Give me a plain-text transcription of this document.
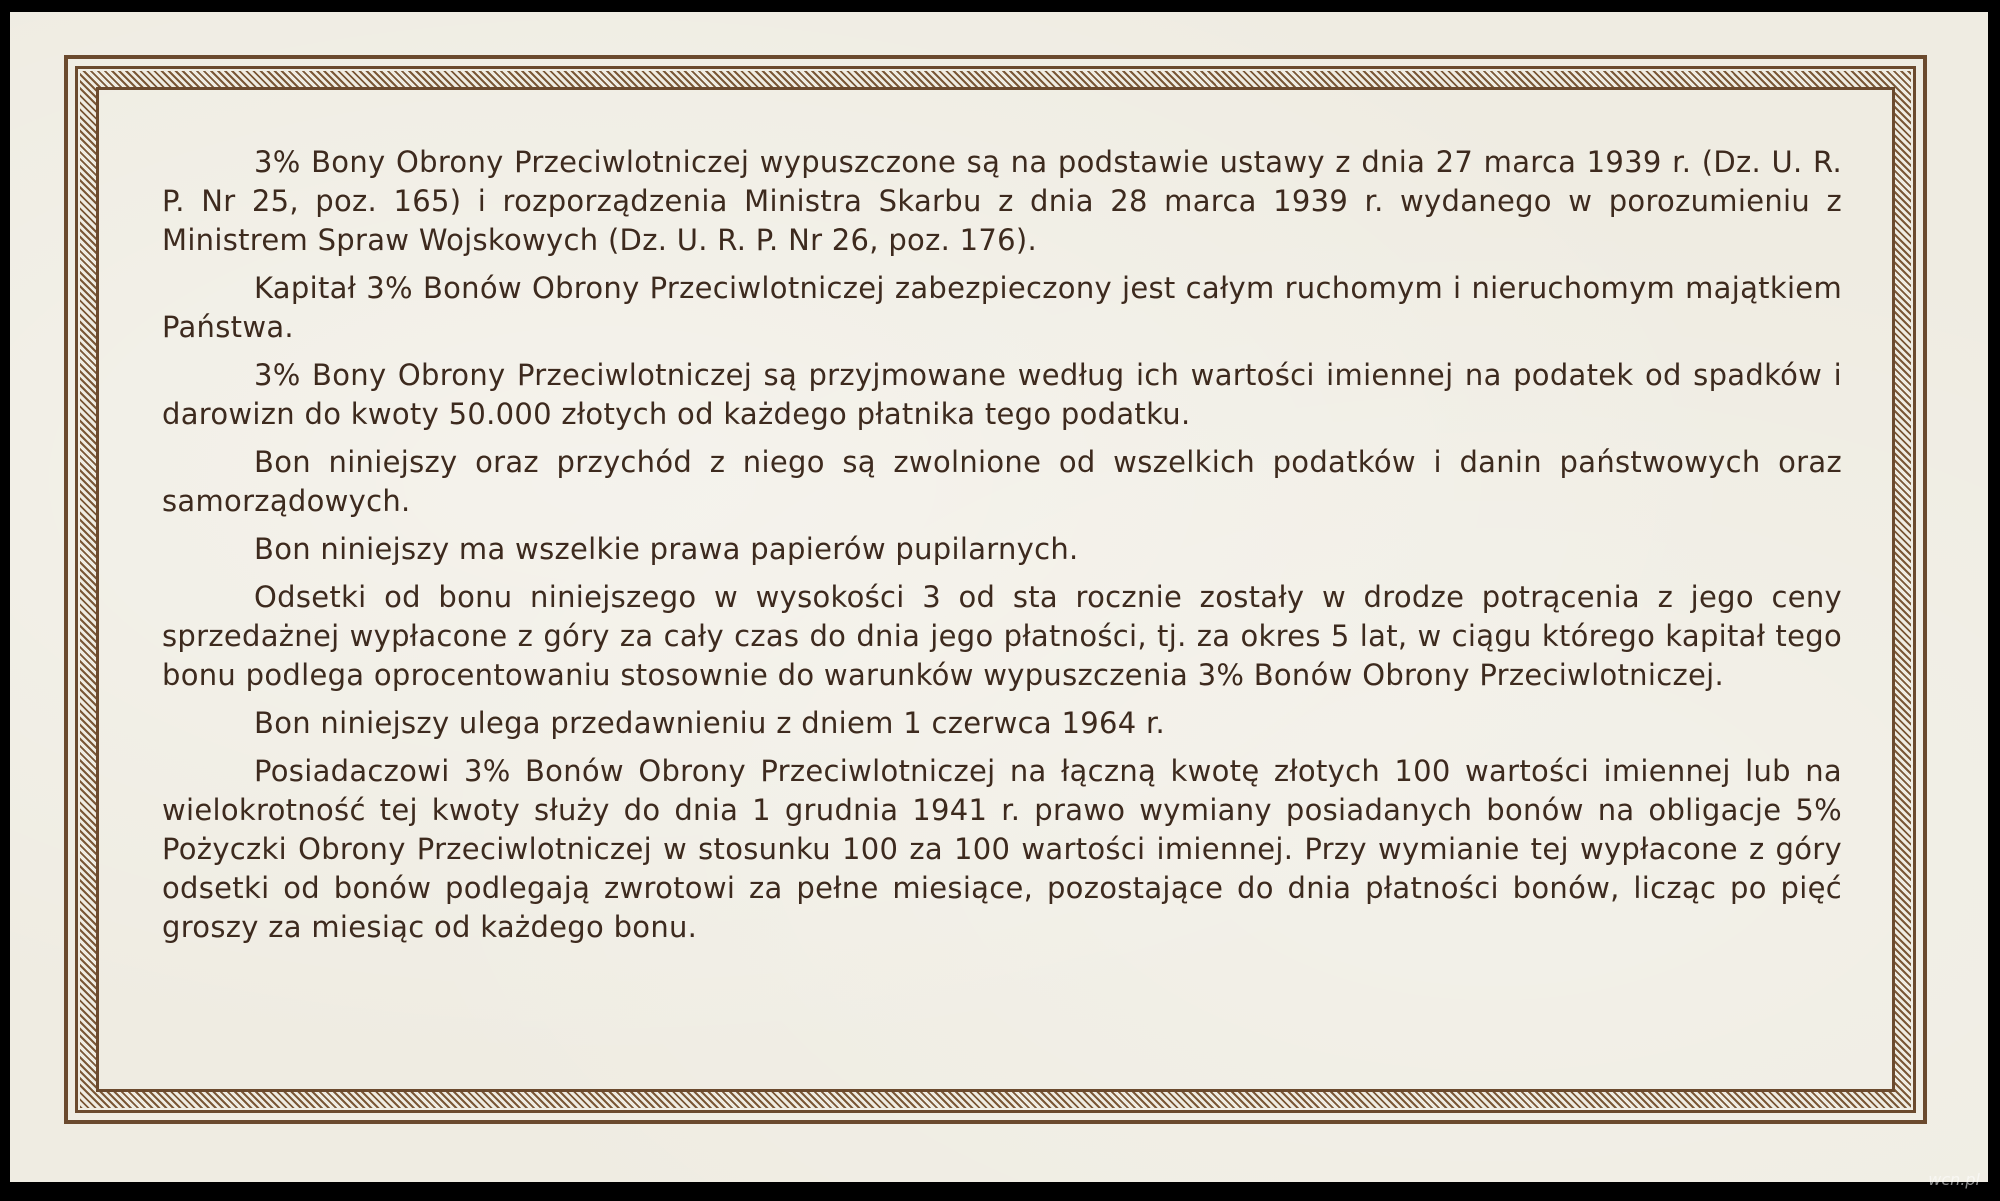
3% Bony Obrony Przeciwlotniczej wypuszczone są na podstawie ustawy z dnia 27 marca 1939 r. (Dz. U. R. P. Nr 25, poz. 165) i rozporządzenia Ministra Skarbu z dnia 28 marca 1939 r. wydanego w porozumieniu z Ministrem Spraw Wojskowych (Dz. U. R. P. Nr 26, poz. 176).

Kapitał 3% Bonów Obrony Przeciwlotniczej zabezpieczony jest całym ruchomym i nieruchomym majątkiem Państwa.

3% Bony Obrony Przeciwlotniczej są przyjmowane według ich wartości imiennej na podatek od spadków i darowizn do kwoty 50.000 złotych od każdego płatnika tego podatku.

Bon niniejszy oraz przychód z niego są zwolnione od wszelkich podatków i danin państwowych oraz samorządowych.

Bon niniejszy ma wszelkie prawa papierów pupilarnych.

Odsetki od bonu niniejszego w wysokości 3 od sta rocznie zostały w drodze potrącenia z jego ceny sprzedażnej wypłacone z góry za cały czas do dnia jego płatności, tj. za okres 5 lat, w ciągu którego kapitał tego bonu podlega oprocentowaniu stosownie do warunków wypuszczenia 3% Bonów Obrony Przeciwlotniczej.

Bon niniejszy ulega przedawnieniu z dniem 1 czerwca 1964 r.

Posiadaczowi 3% Bonów Obrony Przeciwlotniczej na łączną kwotę złotych 100 wartości imiennej lub na wielokrotność tej kwoty służy do dnia 1 grudnia 1941 r. prawo wymiany posiadanych bonów na obligacje 5% Pożyczki Obrony Przeciwlotniczej w stosunku 100 za 100 wartości imiennej. Przy wymianie tej wypłacone z góry odsetki od bonów podlegają zwrotowi za pełne miesiące, pozostające do dnia płatności bonów, licząc po pięć groszy za miesiąc od każdego bonu.

wcn.pl
